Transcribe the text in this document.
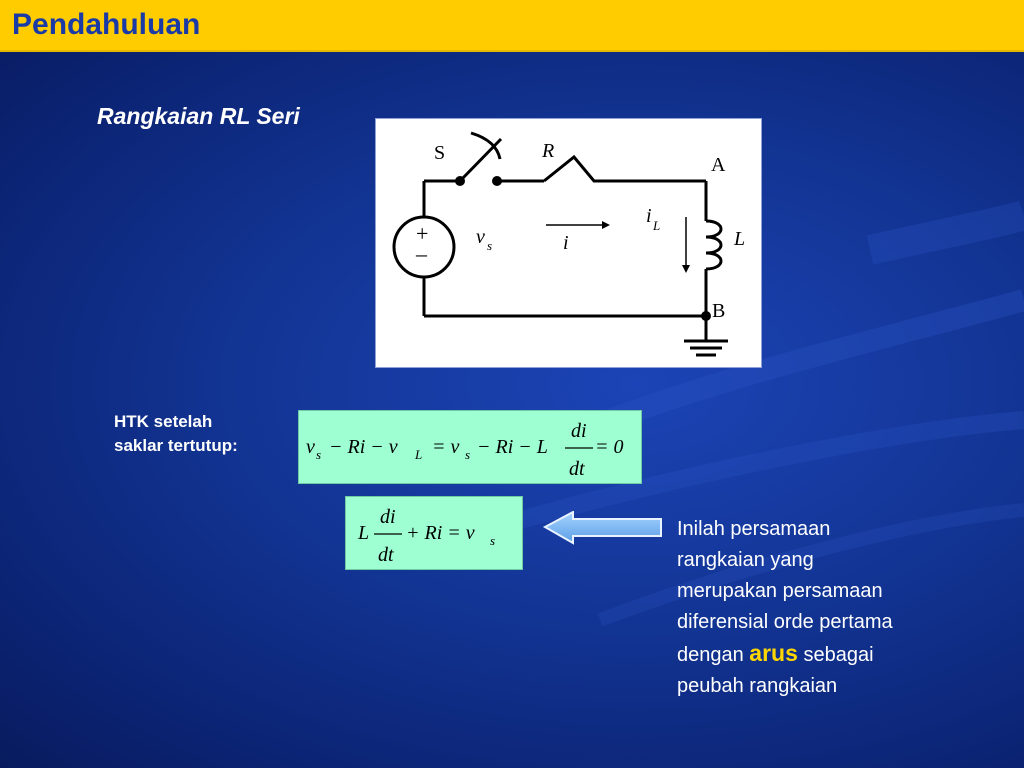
Pendahuluan
Rangkaian RL Seri
S	R
A
B
+
–
v s	i
i L
L
HTK setelah
saklar tertutup:	v s − Ri − v L = v s − Ri − L
di
dt
= 0
L
di
dt
+ Ri = v s
Inilah persamaan
rangkaian yang
merupakan persamaan
diferensial orde pertama
dengan arus sebagai
peubah rangkaian
